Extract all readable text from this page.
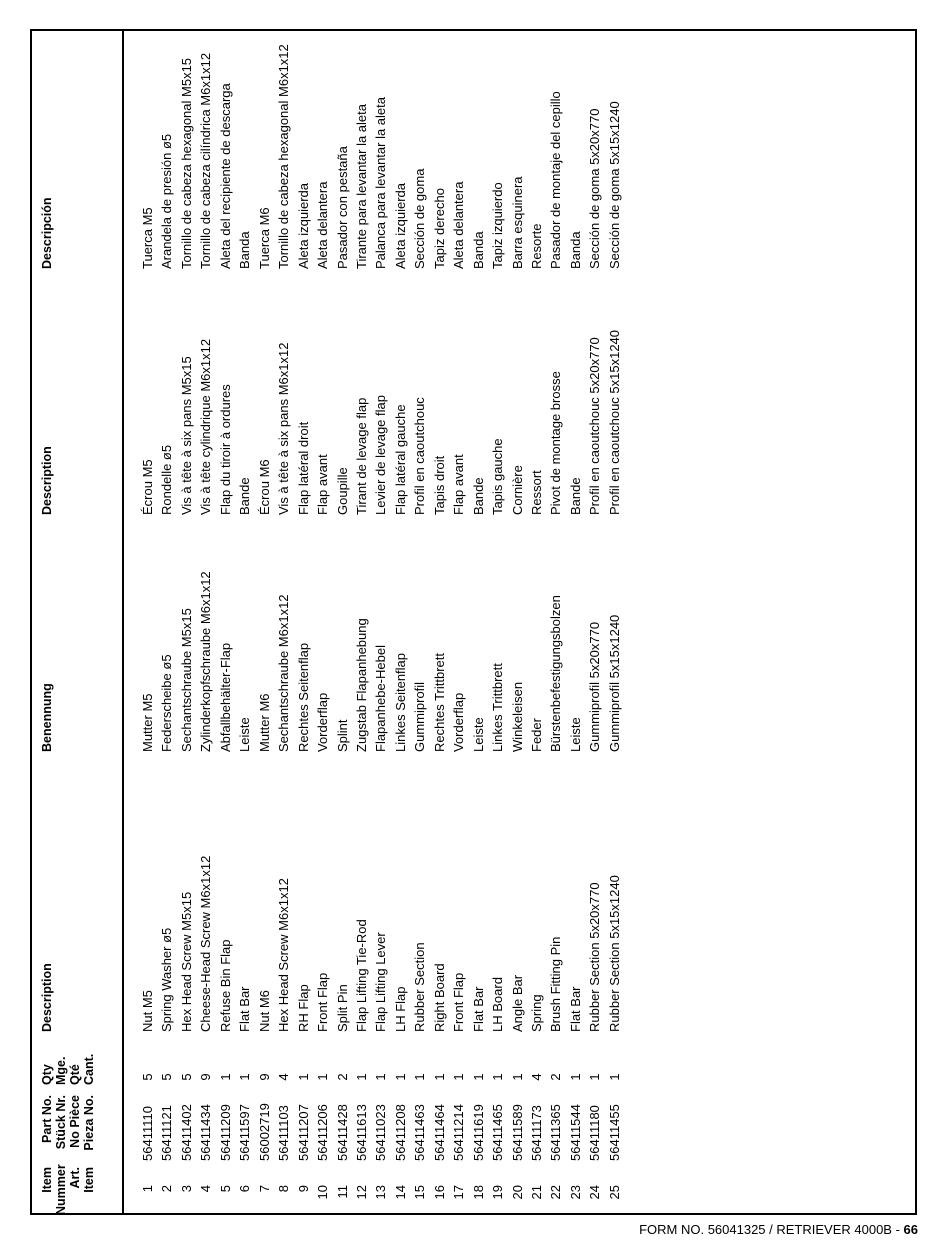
Item Nummer Art. Item
Part No. Stück Nr. No Pièce Pieza No.
Qty Mge. Qté Cant.
Description
Benennung
Description
Descripción
1
56411110
5
Nut M5
Mutter M5
Écrou M5
Tuerca M5
2
56411121
5
Spring Washer ø5
Federscheibe ø5
Rondelle ø5
Arandela de presión ø5
3
56411402
5
Hex Head Screw M5x15
Sechantschraube M5x15
Vis à tête à six pans M5x15
Tornillo de cabeza hexagonal M5x15
4
56411434
9
Cheese-Head Screw M6x1x12
Zylinderkopfschraube M6x1x12
Vis à tête cylindrique M6x1x12
Tornillo de cabeza cilíndrica M6x1x12
5
56411209
1
Refuse Bin Flap
Abfallbehälter-Flap
Flap du tiroir à ordures
Aleta del recipiente de descarga
6
56411597
1
Flat Bar
Leiste
Bande
Banda
7
56002719
9
Nut M6
Mutter M6
Écrou M6
Tuerca M6
8
56411103
4
Hex Head Screw M6x1x12
Sechantschraube M6x1x12
Vis à tête à six pans M6x1x12
Tornillo de cabeza hexagonal M6x1x12
9
56411207
1
RH Flap
Rechtes Seitenflap
Flap latéral droit
Aleta izquierda
10
56411206
1
Front Flap
Vorderflap
Flap avant
Aleta delantera
11
56411428
2
Split Pin
Splint
Goupille
Pasador con pestaña
12
56411613
1
Flap Lifting Tie-Rod
Zugstab Flapanhebung
Tirant de levage flap
Tirante para levantar la aleta
13
56411023
1
Flap Lifting Lever
Flapanhebe-Hebel
Levier de levage flap
Palanca para levantar la aleta
14
56411208
1
LH Flap
Linkes Seitenflap
Flap latéral gauche
Aleta izquierda
15
56411463
1
Rubber Section
Gummiprofil
Profil en caoutchouc
Sección de goma
16
56411464
1
Right Board
Rechtes Trittbrett
Tapis droit
Tapiz derecho
17
56411214
1
Front Flap
Vorderflap
Flap avant
Aleta delantera
18
56411619
1
Flat Bar
Leiste
Bande
Banda
19
56411465
1
LH Board
Linkes Trittbrett
Tapis gauche
Tapiz izquierdo
20
56411589
1
Angle Bar
Winkeleisen
Cornière
Barra esquinera
21
56411173
4
Spring
Feder
Ressort
Resorte
22
56411365
2
Brush Fitting Pin
Bürstenbefestigungsbolzen
Pivot de montage brosse
Pasador de montaje del cepillo
23
56411544
1
Flat Bar
Leiste
Bande
Banda
24
56411180
1
Rubber Section 5x20x770
Gummiprofil 5x20x770
Profil en caoutchouc 5x20x770
Sección de goma 5x20x770
25
56411455
1
Rubber Section 5x15x1240
Gummiprofil 5x15x1240
Profil en caoutchouc 5x15x1240
Sección de goma 5x15x1240
FORM NO. 56041325 / RETRIEVER 4000B - 66
